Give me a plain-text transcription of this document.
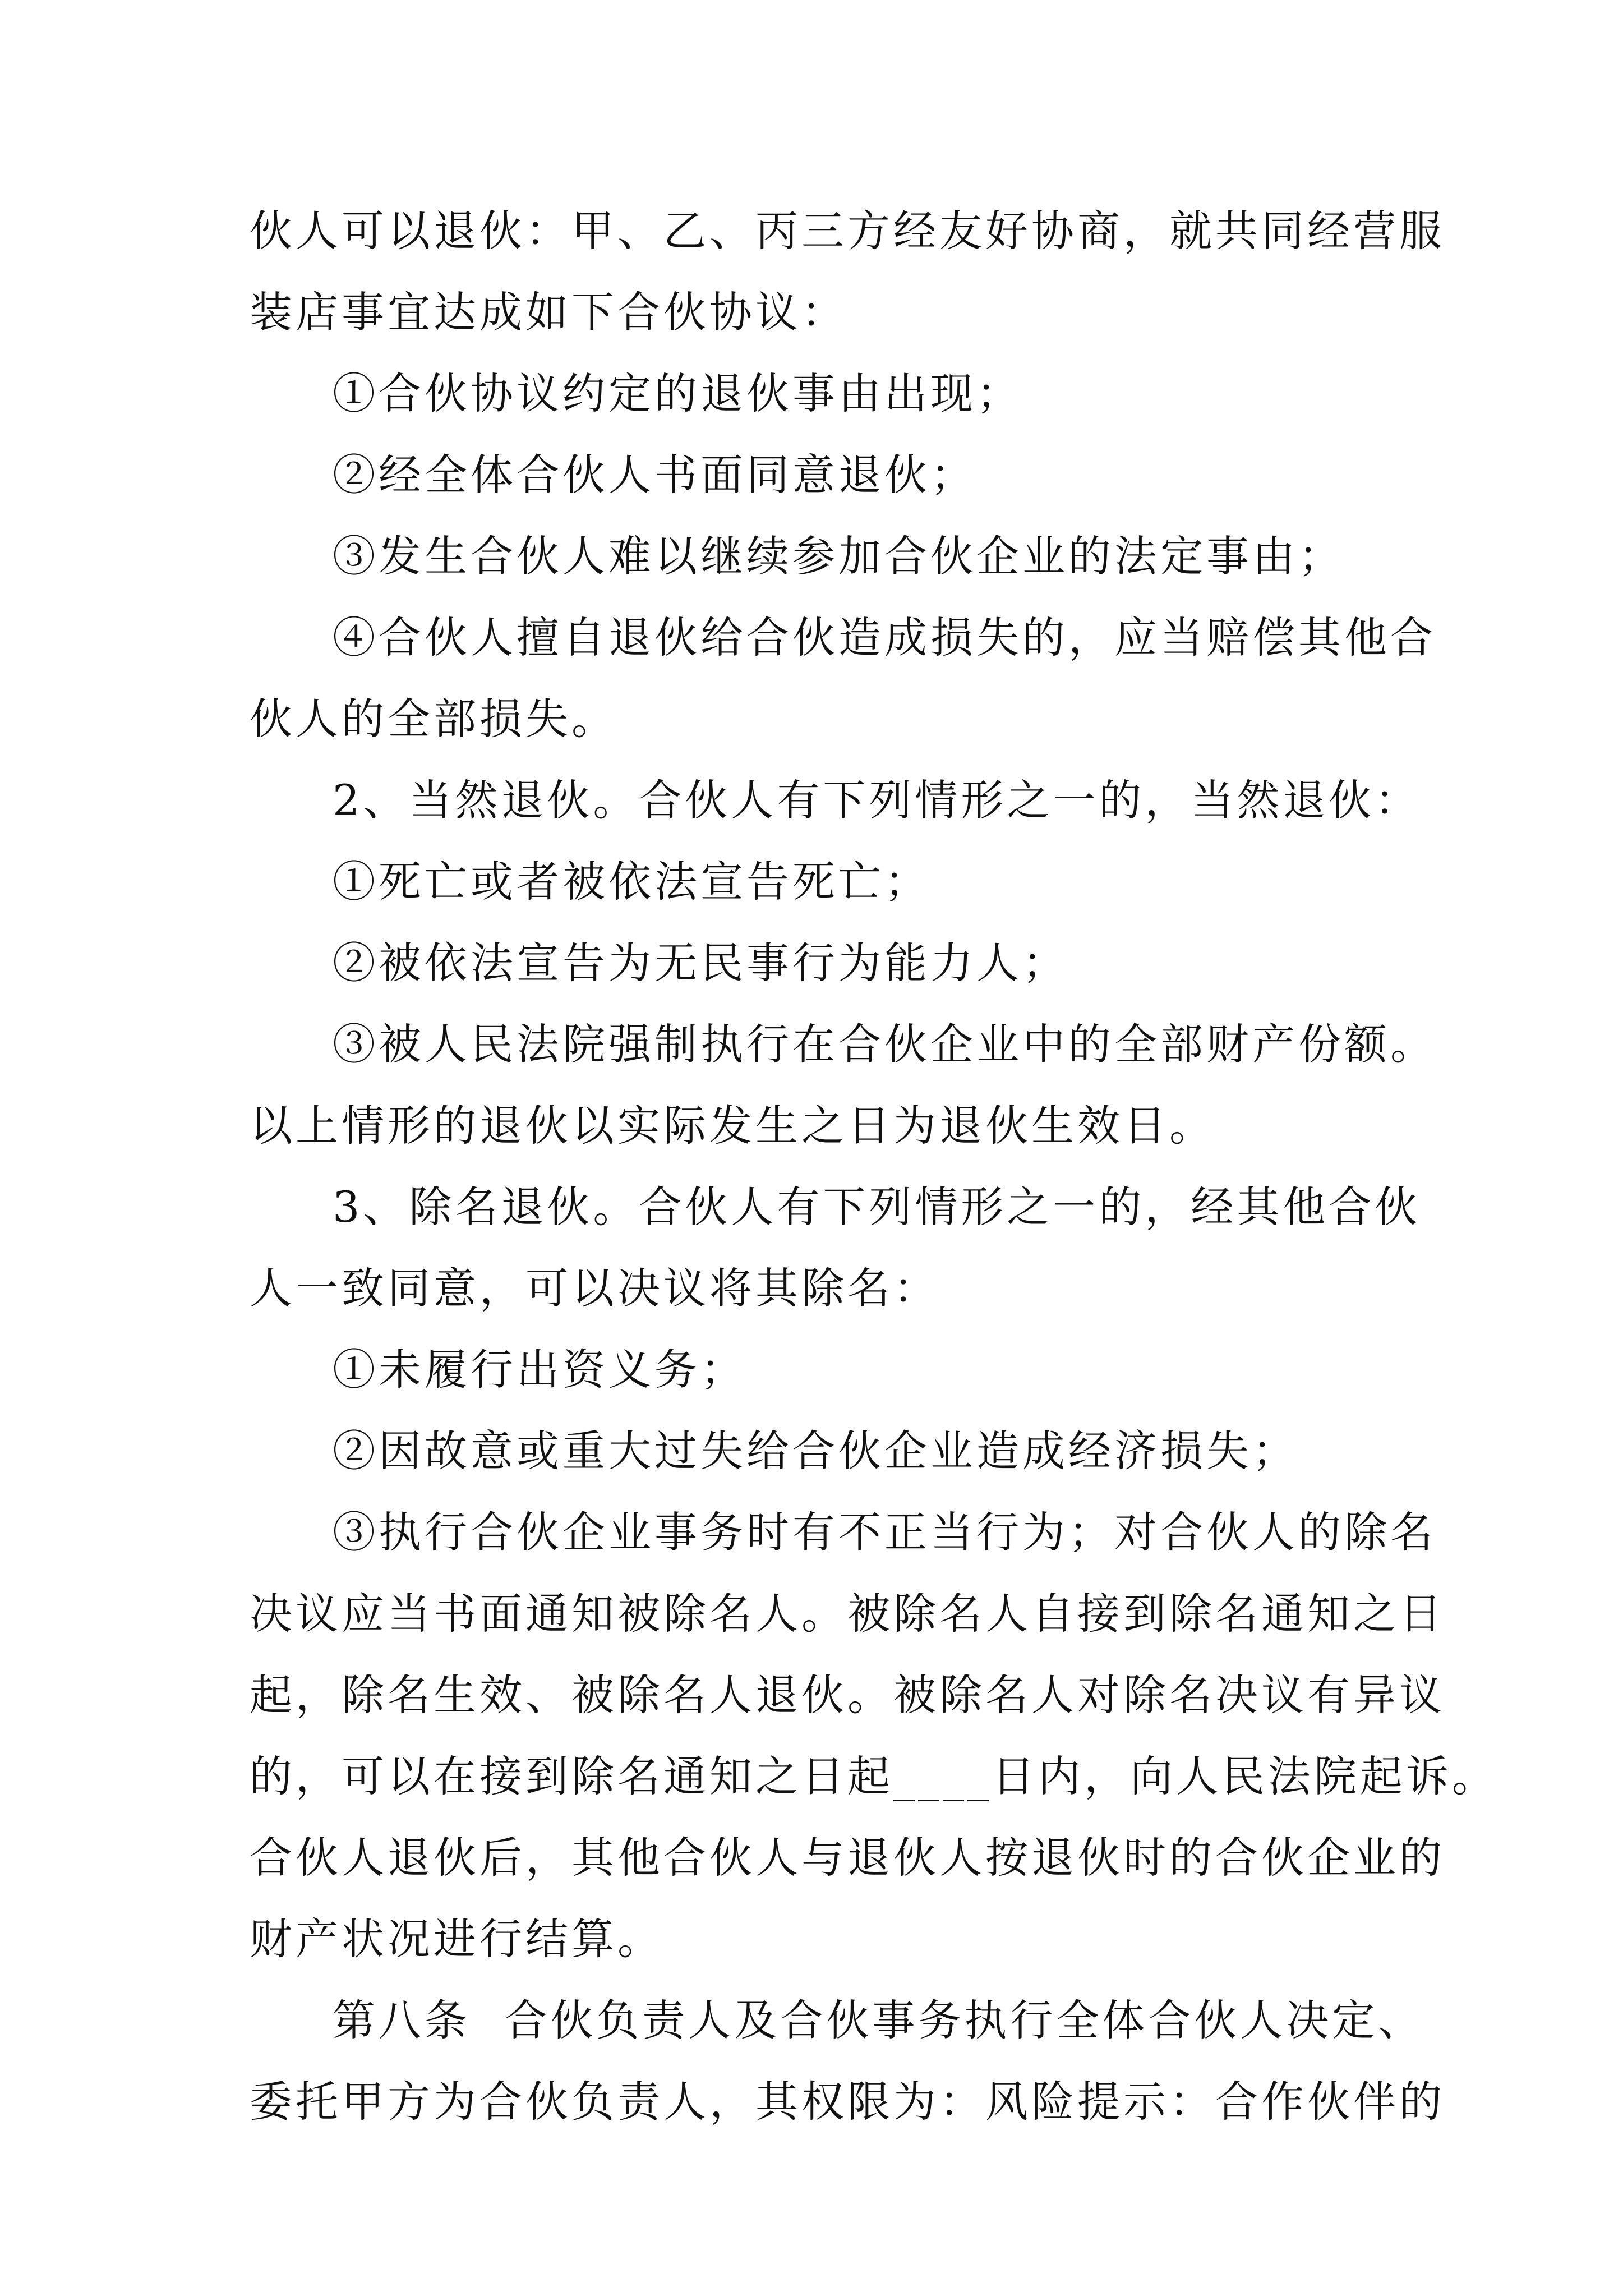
伙人可以退伙：甲、乙、丙三方经友好协商，就共同经营服
装店事宜达成如下合伙协议：
①合伙协议约定的退伙事由出现；
②经全体合伙人书面同意退伙；
③发生合伙人难以继续参加合伙企业的法定事由；
④合伙人擅自退伙给合伙造成损失的，应当赔偿其他合
伙人的全部损失。
2、当然退伙。合伙人有下列情形之一的，当然退伙：
①死亡或者被依法宣告死亡；
②被依法宣告为无民事行为能力人；
③被人民法院强制执行在合伙企业中的全部财产份额。
以上情形的退伙以实际发生之日为退伙生效日。
3、除名退伙。合伙人有下列情形之一的，经其他合伙
人一致同意，可以决议将其除名：
①未履行出资义务；
②因故意或重大过失给合伙企业造成经济损失；
③执行合伙企业事务时有不正当行为；对合伙人的除名
决议应当书面通知被除名人。被除名人自接到除名通知之日
起，除名生效、被除名人退伙。被除名人对除名决议有异议
的，可以在接到除名通知之日起____日内，向人民法院起诉。
合伙人退伙后，其他合伙人与退伙人按退伙时的合伙企业的
财产状况进行结算。
第八条  合伙负责人及合伙事务执行全体合伙人决定、
委托甲方为合伙负责人，其权限为：风险提示：合作伙伴的
